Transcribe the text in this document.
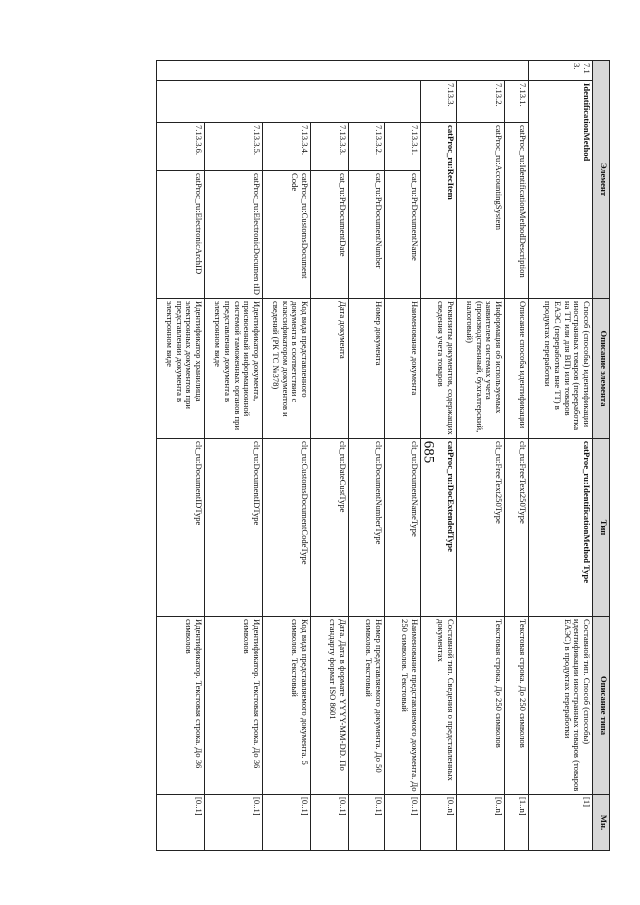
685
Элемент				Описание элемента	Тип	Описание типа	Мн.
7.13.	IdentificationMethod			Способ (способы) идентификации иностранных товаров (переработка на ТТ или для ВП) или товаров ЕАЭС (переработка вне ТТ) в продуктах переработки	catProe_ru:IdentificationMethod Type	Составной тип. Способ (способы) идентификации иностранных товаров (товаров ЕАЭС) в продуктах переработки	[1]
	7.13.1.	catProc_ru:IdentificationMethodDescription		Описание способа идентификации	clt_ru:FreeText250Type	Текстовая строка. До 250 символов	[1..n]
	7.13.2.	catProc_ru:AccountingSystem		Информация об используемых заявителем системах учета (производственный, бухгалтерский, налоговый)	clt_ru:FreeText250Type	Текстовая строка. До 250 символов	[0..n]
	7.13.3.	catProc_ru:RecItem		Реквизиты документов, содержащих сведения учета товаров	catProc_ru:DocExtendedType	Составной тип. Сведения о представленных документах	[0..n]
		7.13.3.1.	cat_ru:PrDocumentName	Наименование документа	clt_ru:DocumentNameType	Наименование представляемого документа. До 250 символов. Текстовый	[0..1]
		7.13.3.2.	cat_ru:PrDocumentNumber	Номер документа	clt_ru:DocumentNumberType	Номер представляемого документа. До 50 символов. Текстовый	[0..1]
		7.13.3.3.	cat_ru:PrDocumentDate	Дата документа	clt_ru:DateCustType	Дата. Дата в формате YYYY-MM-DD. По стандарту формат ISO 8601	[0..1]
		7.13.3.4.	catProc_ru:CustomsDocument Code	Код вида представленного документа в соответствии с классификатором документов и сведений (РК ТС №378)	clt_ru:CustomsDocumentCodeType	Код вида представляемого документа. 5 символов. Текстовый	[0..1]
		7.13.3.5.	catProc_ru:ElectronicDocumen tID	Идентификатор документа, присвоенный информационной системой таможенных органов при представлении документа в электронном виде	clt_ru:DocumentIDType	Идентификатор. Текстовая строка. До 36 символов	[0..1]
		7.13.3.6.	catProc_ru:ElectronicArchID	Идентификатор хранилища электронных документов при представлении документа в электронном виде	clt_ru:DocumentIDType	Идентификатор. Текстовая строка. До 36 символов	[0..1]
